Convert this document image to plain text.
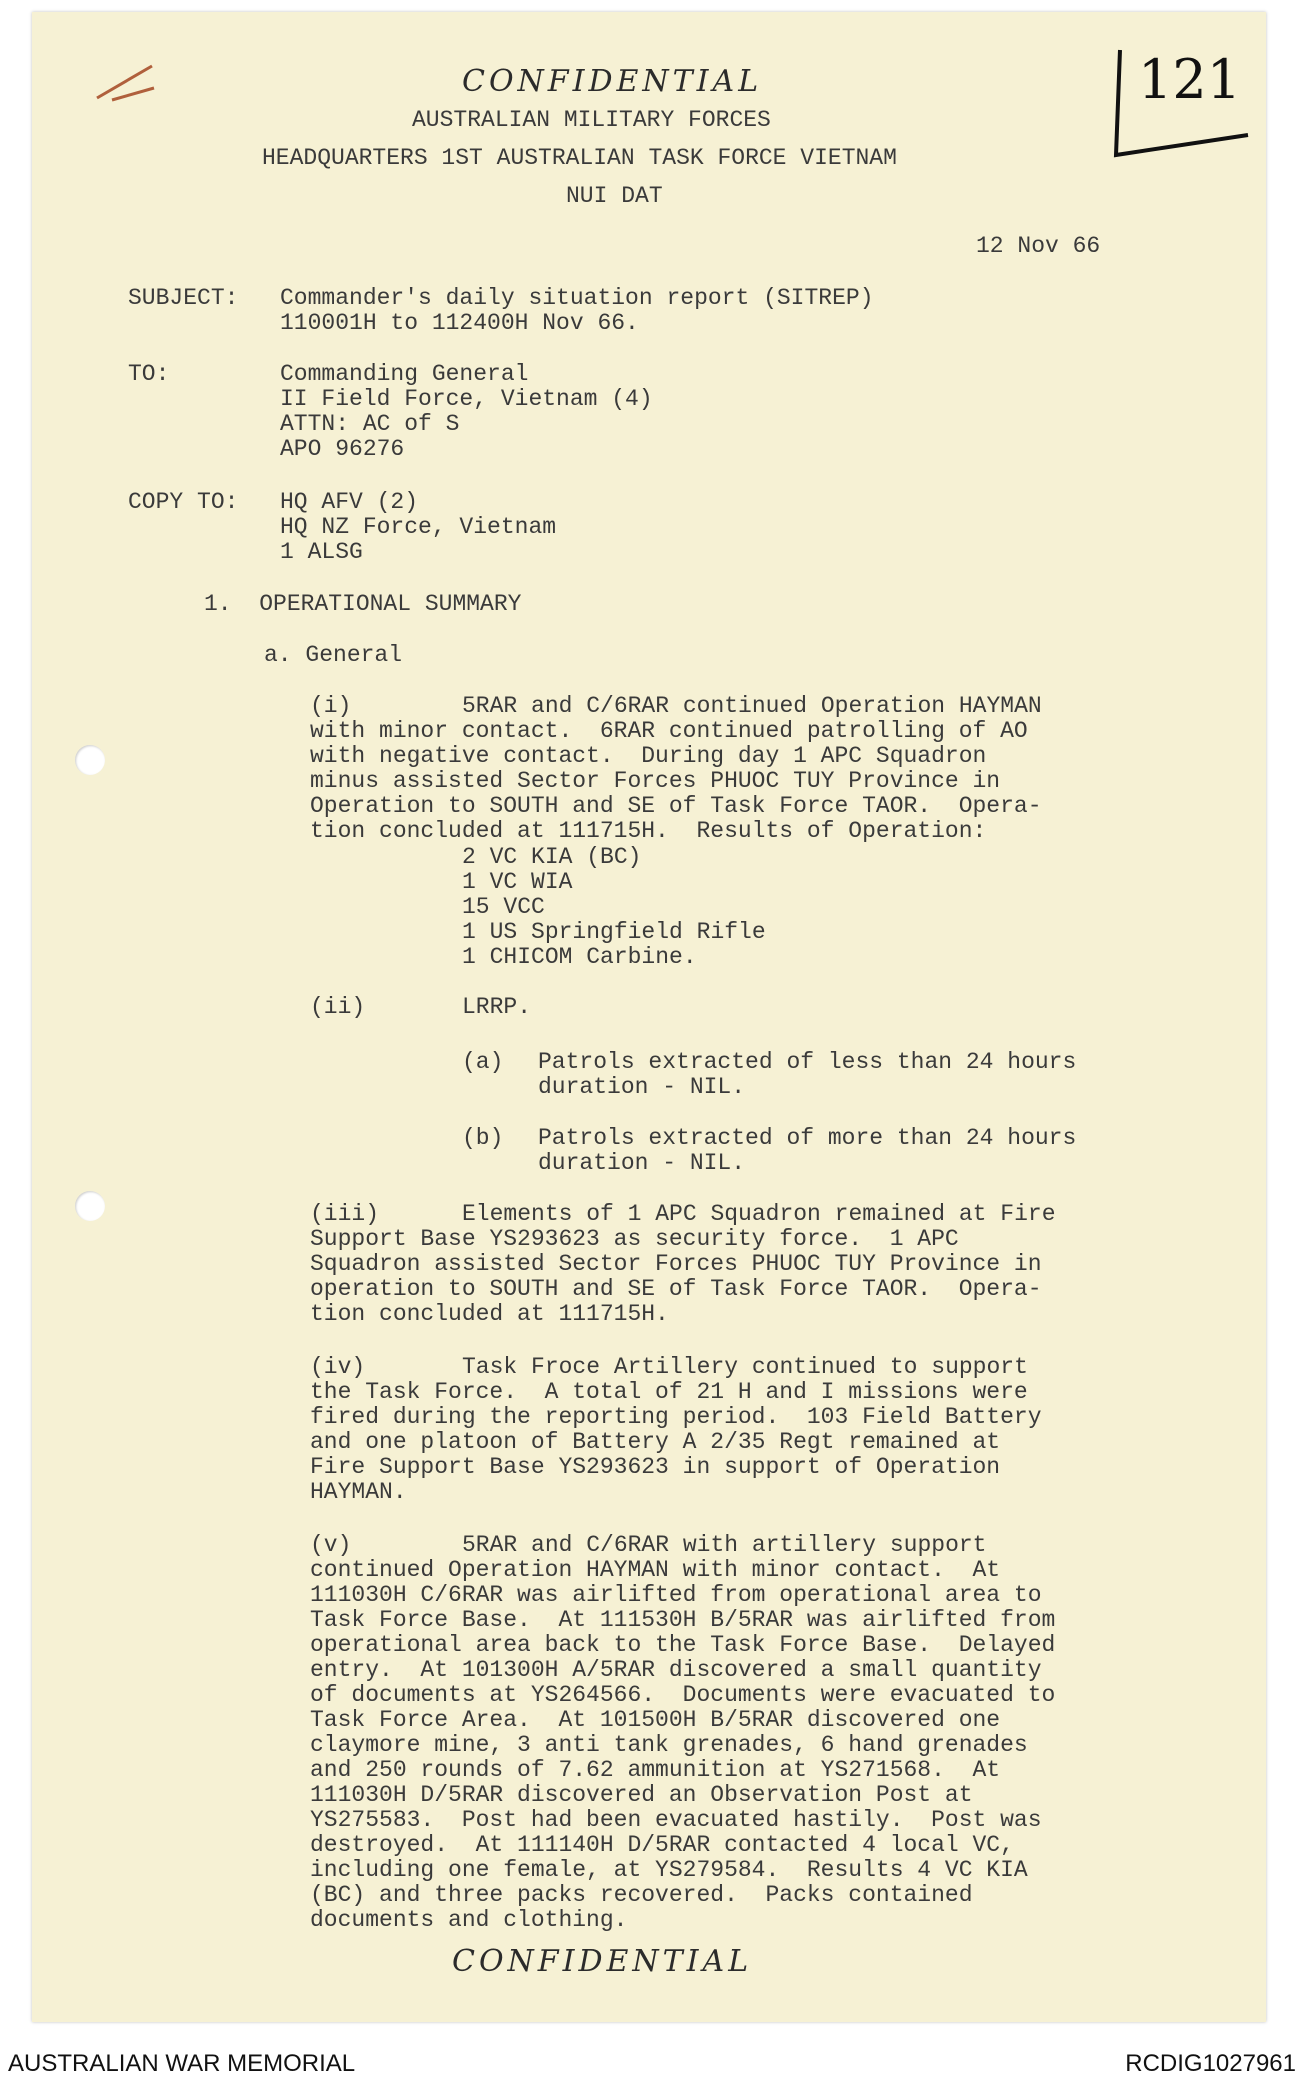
121
CONFIDENTIAL
AUSTRALIAN MILITARY FORCES
HEADQUARTERS 1ST AUSTRALIAN TASK FORCE VIETNAM
NUI DAT
12 Nov 66
SUBJECT: Commander's daily situation report (SITREP)
110001H to 112400H Nov 66.
TO:	Commanding General
II Field Force, Vietnam (4)
ATTN: AC of S
APO 96276
COPY TO: HQ AFV (2)
HQ NZ Force, Vietnam
1 ALSG
1.  OPERATIONAL SUMMARY
a. General
(i)	5RAR and C/6RAR continued Operation HAYMAN
with minor contact.  6RAR continued patrolling of AO
with negative contact.  During day 1 APC Squadron
minus assisted Sector Forces PHUOC TUY Province in
Operation to SOUTH and SE of Task Force TAOR.  Opera-
tion concluded at 111715H.  Results of Operation:
2 VC KIA (BC)
1 VC WIA
15 VCC
1 US Springfield Rifle
1 CHICOM Carbine.
(ii)	LRRP.
(a) Patrols extracted of less than 24 hours
duration - NIL.
(b) Patrols extracted of more than 24 hours
duration - NIL.
(iii)	Elements of 1 APC Squadron remained at Fire
Support Base YS293623 as security force.  1 APC
Squadron assisted Sector Forces PHUOC TUY Province in
operation to SOUTH and SE of Task Force TAOR.  Opera-
tion concluded at 111715H.
(iv)	Task Froce Artillery continued to support
the Task Force.  A total of 21 H and I missions were
fired during the reporting period.  103 Field Battery
and one platoon of Battery A 2/35 Regt remained at
Fire Support Base YS293623 in support of Operation
HAYMAN.
(v)	5RAR and C/6RAR with artillery support
continued Operation HAYMAN with minor contact.  At
111030H C/6RAR was airlifted from operational area to
Task Force Base.  At 111530H B/5RAR was airlifted from
operational area back to the Task Force Base.  Delayed
entry.  At 101300H A/5RAR discovered a small quantity
of documents at YS264566.  Documents were evacuated to
Task Force Area.  At 101500H B/5RAR discovered one
claymore mine, 3 anti tank grenades, 6 hand grenades
and 250 rounds of 7.62 ammunition at YS271568.  At
111030H D/5RAR discovered an Observation Post at
YS275583.  Post had been evacuated hastily.  Post was
destroyed.  At 111140H D/5RAR contacted 4 local VC,
including one female, at YS279584.  Results 4 VC KIA
(BC) and three packs recovered.  Packs contained
documents and clothing.
CONFIDENTIAL
AUSTRALIAN WAR MEMORIAL	RCDIG1027961
